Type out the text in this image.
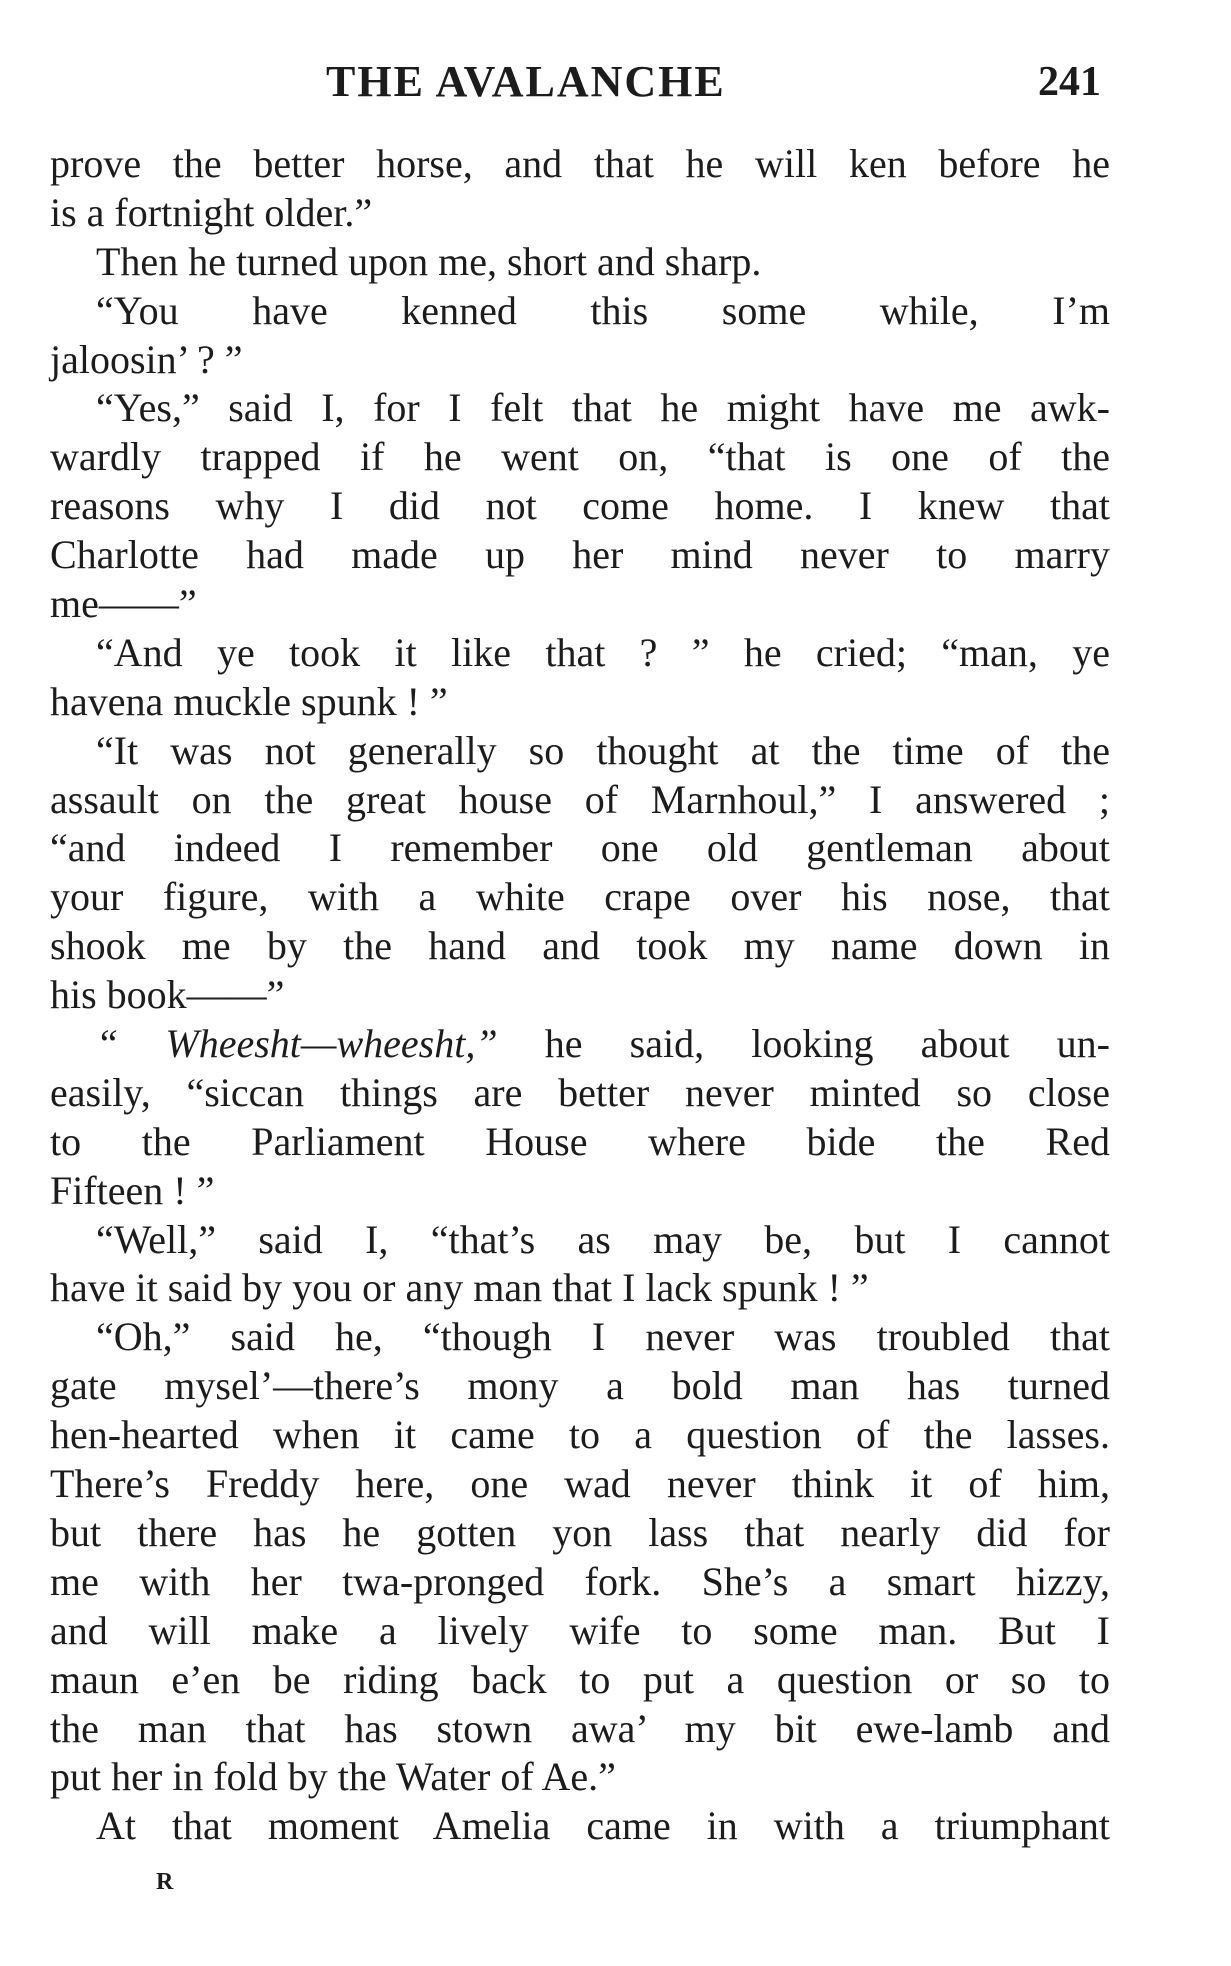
THE AVALANCHE	241
prove the better horse, and that he will ken before he
is a fortnight older.”
Then he turned upon me, short and sharp.
“You have kenned this some while, I’m
jaloosin’ ? ”
“Yes,” said I, for I felt that he might have me awk-
wardly trapped if he went on, “that is one of the
reasons why I did not come home. I knew that
Charlotte had made up her mind never to marry
me——”
“And ye took it like that ? ” he cried; “man, ye
havena muckle spunk ! ”
“It was not generally so thought at the time of the
assault on the great house of Marnhoul,” I answered ;
“and indeed I remember one old gentleman about
your figure, with a white crape over his nose, that
shook me by the hand and took my name down in
his book——”
“ Wheesht—wheesht,” he said, looking about un-
easily, “siccan things are better never minted so close
to the Parliament House where bide the Red
Fifteen ! ”
“Well,” said I, “that’s as may be, but I cannot
have it said by you or any man that I lack spunk ! ”
“Oh,” said he, “though I never was troubled that
gate mysel’—there’s mony a bold man has turned
hen-hearted when it came to a question of the lasses.
There’s Freddy here, one wad never think it of him,
but there has he gotten yon lass that nearly did for
me with her twa-pronged fork. She’s a smart hizzy,
and will make a lively wife to some man. But I
maun e’en be riding back to put a question or so to
the man that has stown awa’ my bit ewe-lamb and
put her in fold by the Water of Ae.”
At that moment Amelia came in with a triumphant
R
